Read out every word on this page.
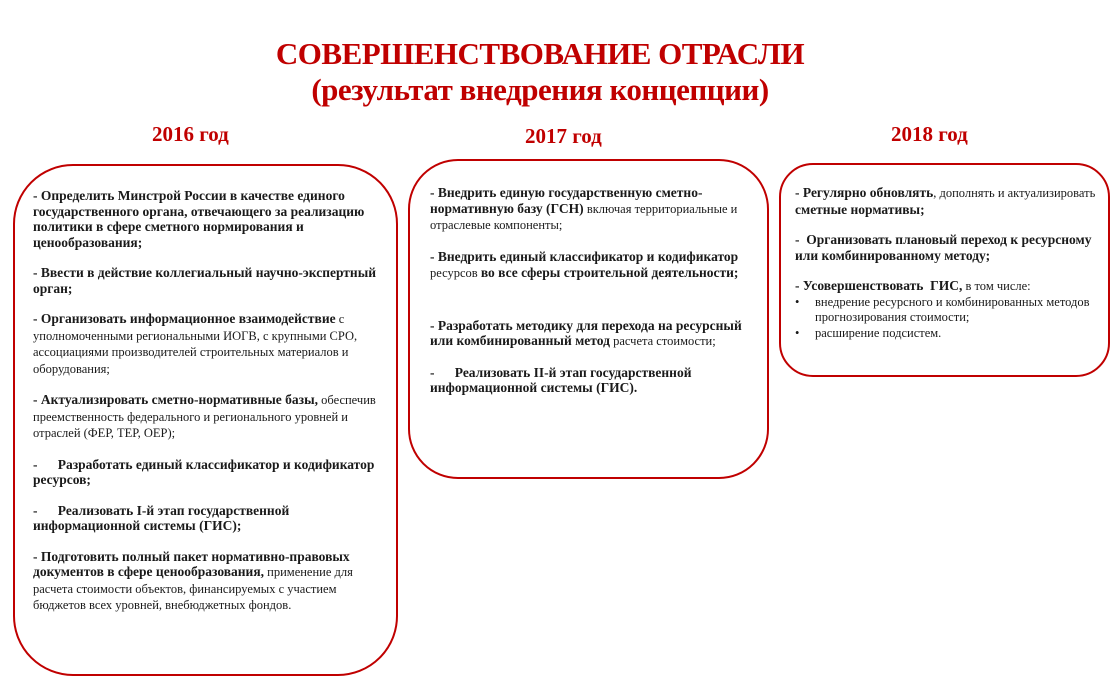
СОВЕРШЕНСТВОВАНИЕ ОТРАСЛИ
(результат внедрения концепции)
2016 год	2017 год	2018 год

- Определить Минстрой России в качестве единого государственного органа, отвечающего за реализацию политики в сфере сметного нормирования и ценообразования;

- Ввести в действие коллегиальный научно-экспертный орган;

- Организовать информационное взаимодействие с уполномоченными региональными ИОГВ, с крупными СРО, ассоциациями производителей строительных материалов и оборудования;

- Актуализировать сметно-нормативные базы, обеспечив преемственность федерального и регионального уровней и отраслей (ФЕР, ТЕР, ОЕР);

-      Разработать единый классификатор и кодификатор ресурсов;

-      Реализовать I-й этап государственной информационной системы (ГИС);

- Подготовить полный пакет нормативно-правовых документов в сфере ценообразования, применение для расчета стоимости объектов, финансируемых с участием бюджетов всех уровней, внебюджетных фондов.

- Внедрить единую государственную сметно-нормативную базу (ГСН) включая территориальные и отраслевые компоненты;

- Внедрить единый классификатор и кодификатор ресурсов во все сферы строительной деятельности;

- Разработать методику для перехода на ресурсный или комбинированный метод расчета стоимости;

-      Реализовать II-й этап государственной информационной системы (ГИС).

- Регулярно обновлять, дополнять и актуализировать сметные нормативы;

-  Организовать плановый переход к ресурсному или комбинированному методу;

- Усовершенствовать  ГИС, в том числе:

• внедрение ресурсного и комбинированных методов прогнозирования стоимости;
• расширение подсистем.
